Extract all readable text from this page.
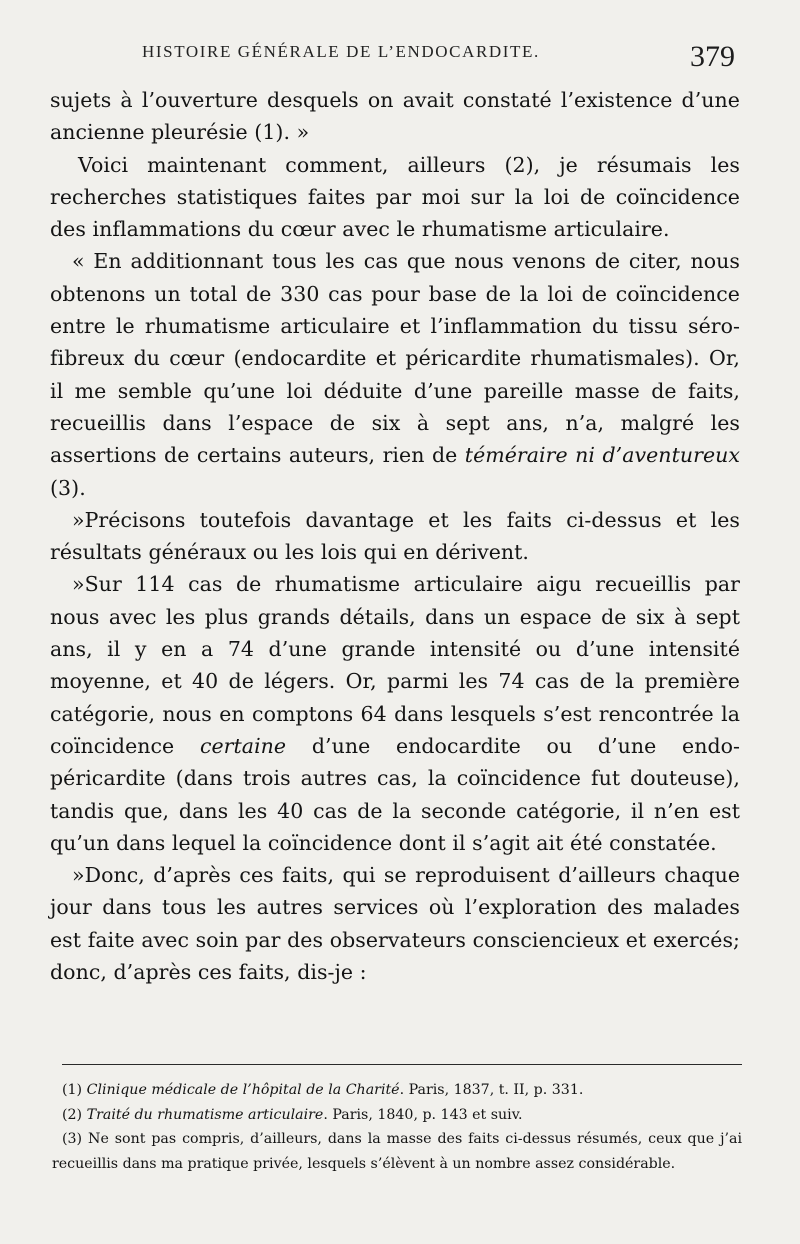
HISTOIRE GÉNÉRALE DE L’ENDOCARDITE.	379

sujets à l’ouverture desquels on avait constaté l’existence d’une ancienne pleurésie (1). »

Voici maintenant comment, ailleurs (2), je résumais les recherches statistiques faites par moi sur la loi de coïncidence des inflammations du cœur avec le rhumatisme articulaire.

« En additionnant tous les cas que nous venons de citer, nous obtenons un total de 330 cas pour base de la loi de coïncidence entre le rhumatisme articulaire et l’inflammation du tissu séro-fibreux du cœur (endocardite et péricardite rhumatismales). Or, il me semble qu’une loi déduite d’une pareille masse de faits, recueillis dans l’espace de six à sept ans, n’a, malgré les assertions de certains auteurs, rien de téméraire ni d’aventureux (3).

»Précisons toutefois davantage et les faits ci-dessus et les résultats généraux ou les lois qui en dérivent.

»Sur 114 cas de rhumatisme articulaire aigu recueillis par nous avec les plus grands détails, dans un espace de six à sept ans, il y en a 74 d’une grande intensité ou d’une intensité moyenne, et 40 de légers. Or, parmi les 74 cas de la première catégorie, nous en comptons 64 dans lesquels s’est rencontrée la coïncidence certaine d’une endocardite ou d’une endo-péricardite (dans trois autres cas, la coïncidence fut douteuse), tandis que, dans les 40 cas de la seconde catégorie, il n’en est qu’un dans lequel la coïncidence dont il s’agit ait été constatée.

»Donc, d’après ces faits, qui se reproduisent d’ailleurs chaque jour dans tous les autres services où l’exploration des malades est faite avec soin par des observateurs consciencieux et exercés; donc, d’après ces faits, dis-je :

(1) Clinique médicale de l’hôpital de la Charité. Paris, 1837, t. II, p. 331.

(2) Traité du rhumatisme articulaire. Paris, 1840, p. 143 et suiv.

(3) Ne sont pas compris, d’ailleurs, dans la masse des faits ci-dessus résumés, ceux que j’ai recueillis dans ma pratique privée, lesquels s’élèvent à un nombre assez considérable.
